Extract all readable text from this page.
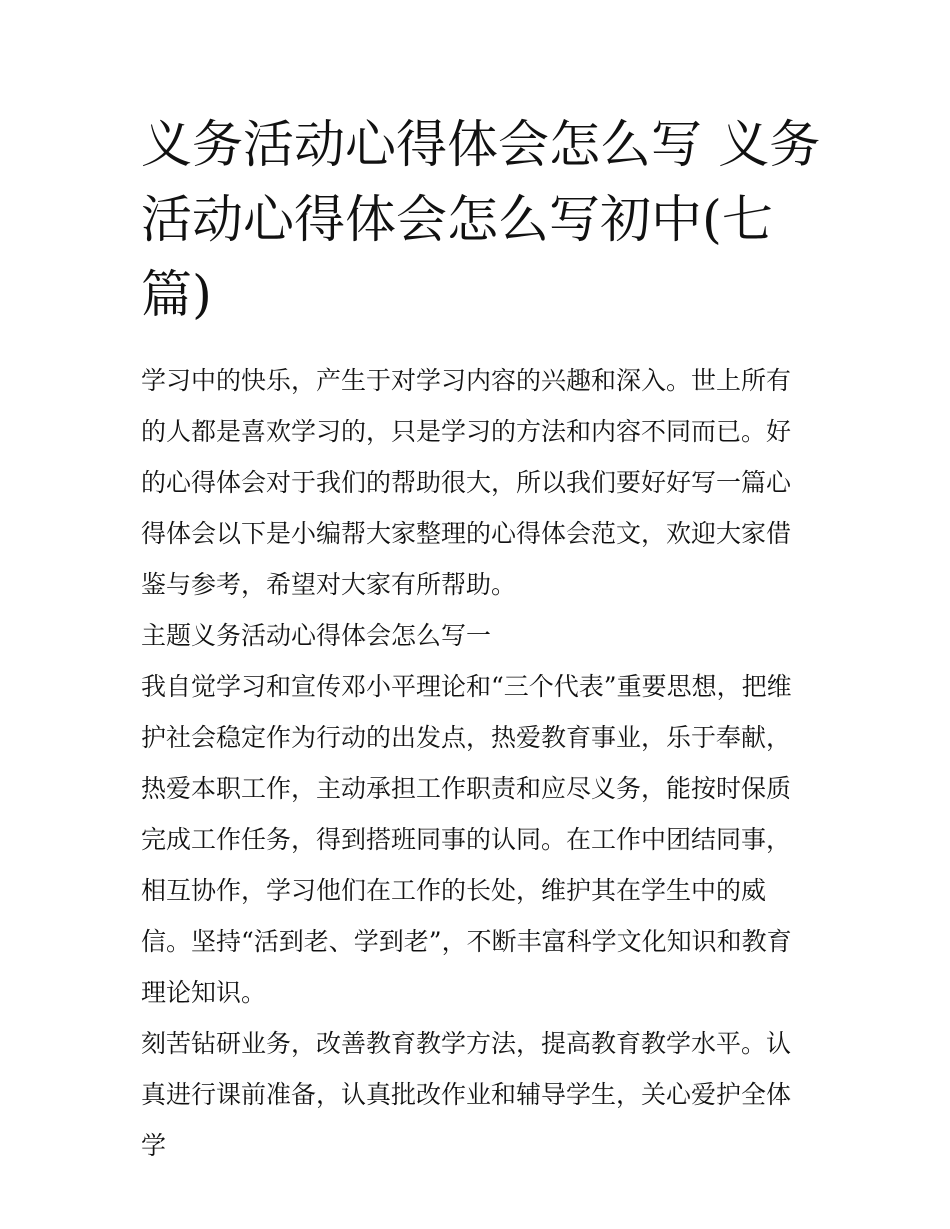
义务活动心得体会怎么写 义务活动心得体会怎么写初中(七篇)

学习中的快乐，产生于对学习内容的兴趣和深入。世上所有的人都是喜欢学习的，只是学习的方法和内容不同而已。好的心得体会对于我们的帮助很大，所以我们要好好写一篇心得体会以下是小编帮大家整理的心得体会范文，欢迎大家借鉴与参考，希望对大家有所帮助。

主题义务活动心得体会怎么写一

我自觉学习和宣传邓小平理论和“三个代表”重要思想，把维护社会稳定作为行动的出发点，热爱教育事业，乐于奉献，热爱本职工作，主动承担工作职责和应尽义务，能按时保质完成工作任务，得到搭班同事的认同。在工作中团结同事，相互协作，学习他们在工作的长处，维护其在学生中的威信。坚持“活到老、学到老”，不断丰富科学文化知识和教育理论知识。

刻苦钻研业务，改善教育教学方法，提高教育教学水平。认真进行课前准备，认真批改作业和辅导学生，关心爱护全体学
